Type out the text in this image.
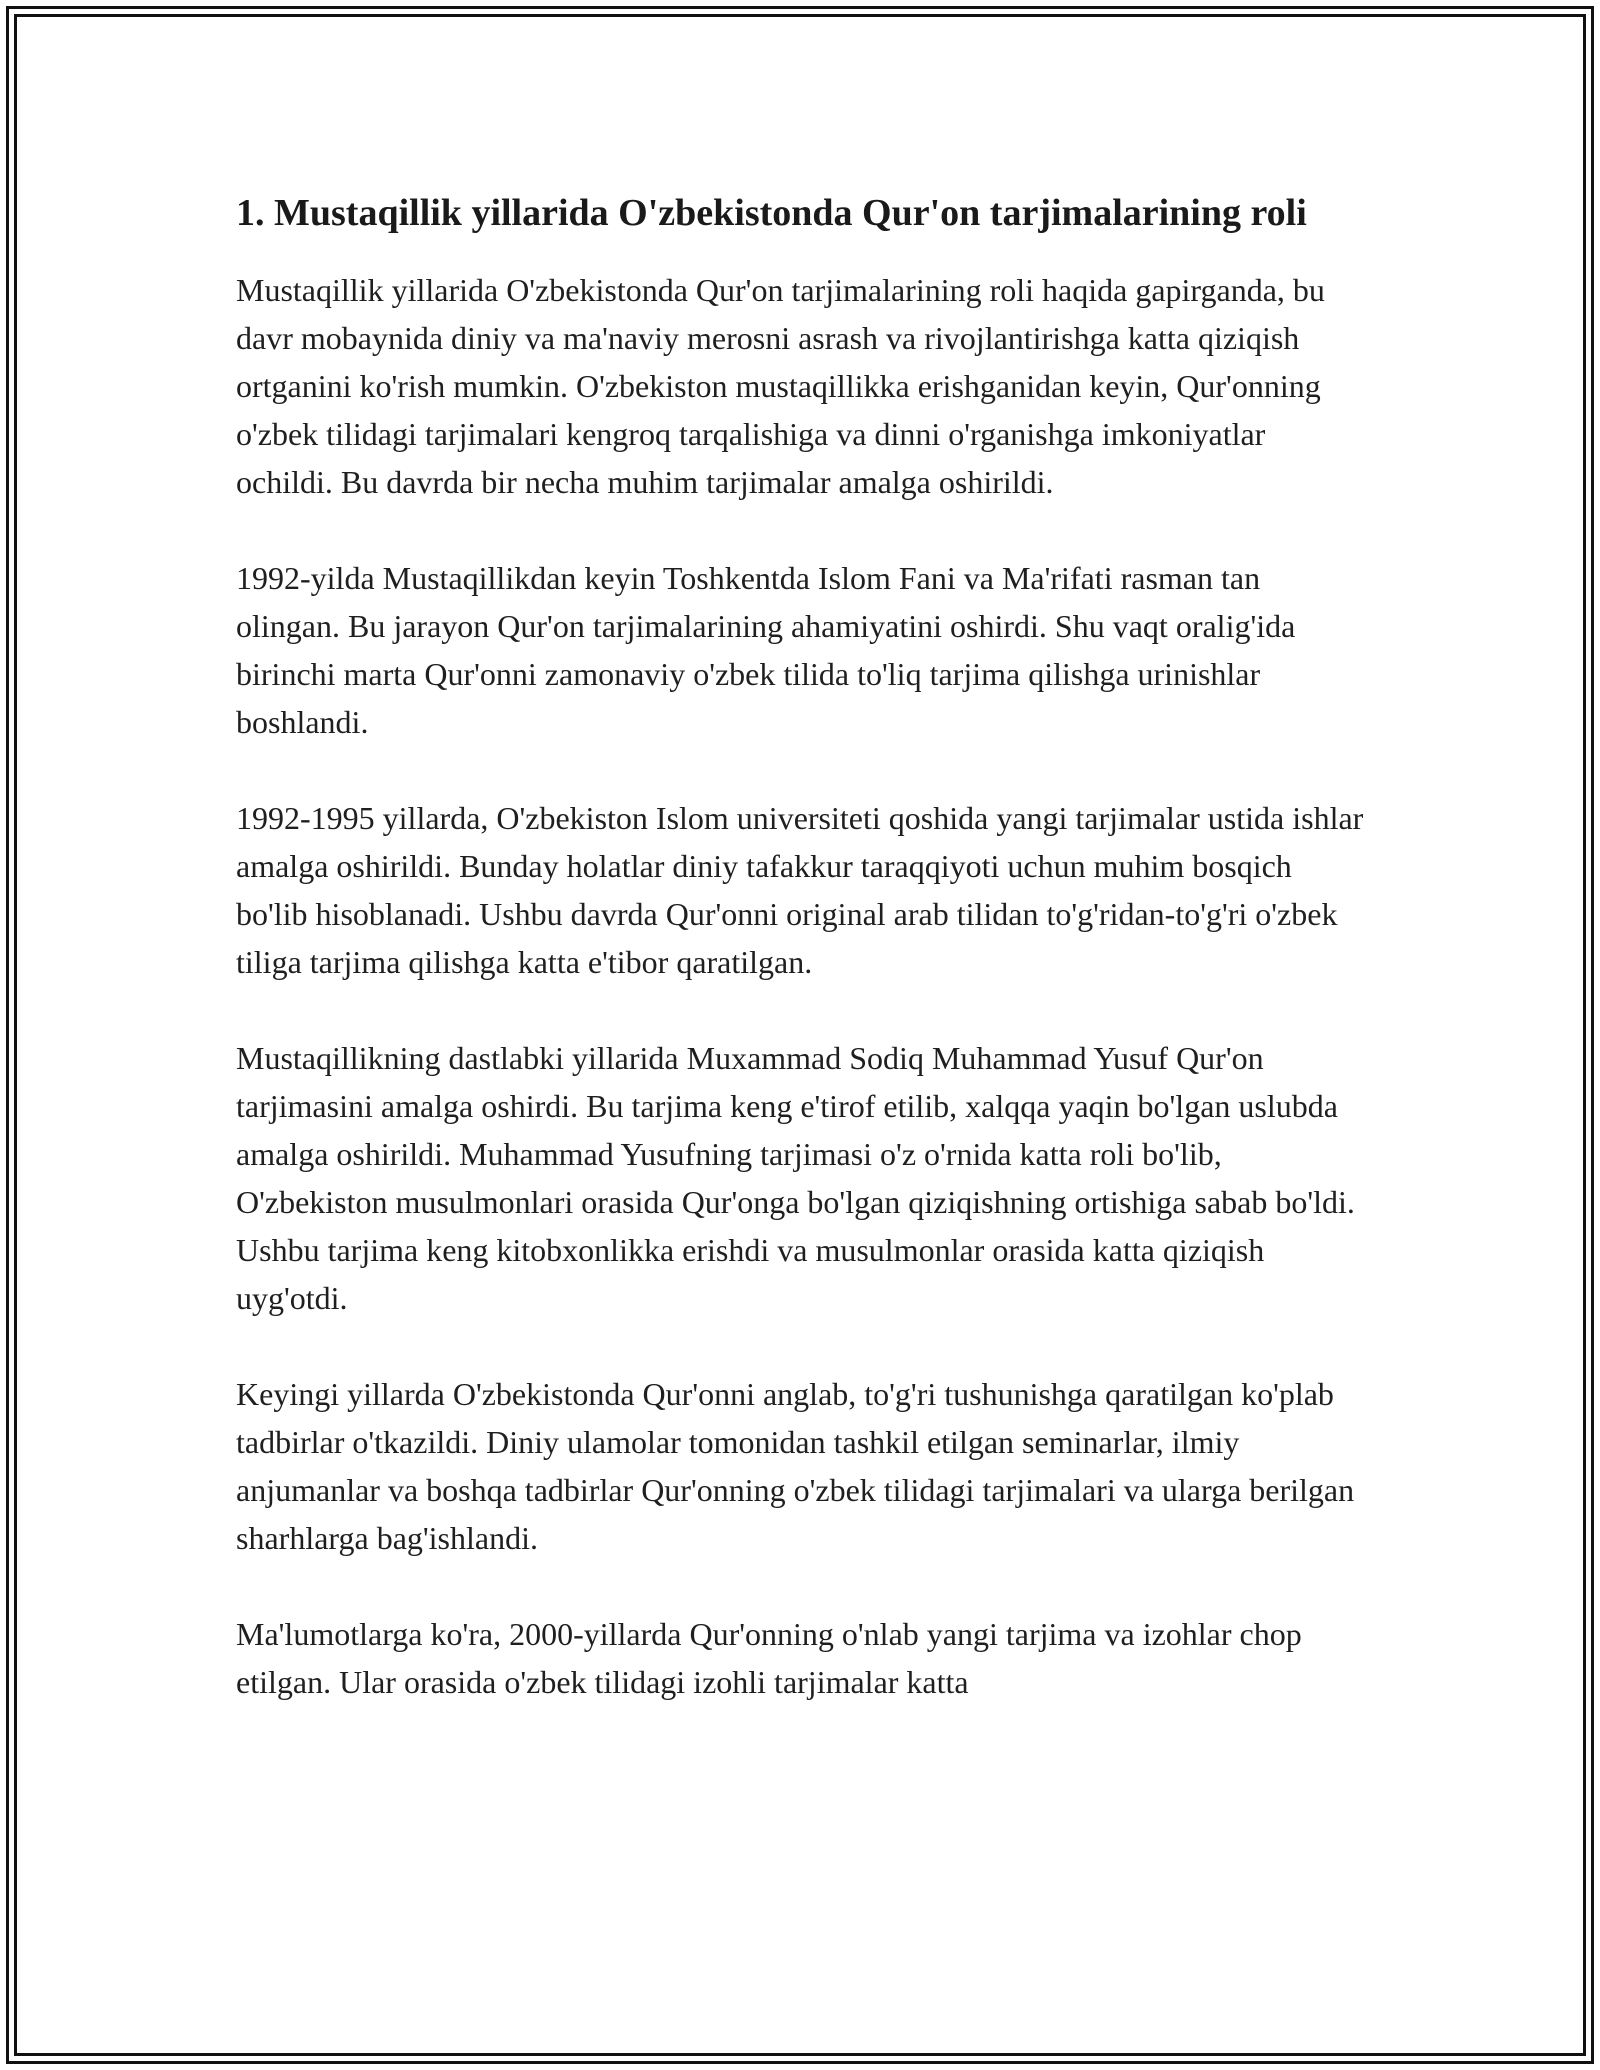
1. Mustaqillik yillarida O'zbekistonda Qur'on tarjimalarining roli

Mustaqillik yillarida O'zbekistonda Qur'on tarjimalarining roli haqida gapirganda, bu davr mobaynida diniy va ma'naviy merosni asrash va rivojlantirishga katta qiziqish ortganini ko'rish mumkin. O'zbekiston mustaqillikka erishganidan keyin, Qur'onning o'zbek tilidagi tarjimalari kengroq tarqalishiga va dinni o'rganishga imkoniyatlar ochildi. Bu davrda bir necha muhim tarjimalar amalga oshirildi.

1992-yilda Mustaqillikdan keyin Toshkentda Islom Fani va Ma'rifati rasman tan olingan. Bu jarayon Qur'on tarjimalarining ahamiyatini oshirdi. Shu vaqt oralig'ida birinchi marta Qur'onni zamonaviy o'zbek tilida to'liq tarjima qilishga urinishlar boshlandi.

1992-1995 yillarda, O'zbekiston Islom universiteti qoshida yangi tarjimalar ustida ishlar amalga oshirildi. Bunday holatlar diniy tafakkur taraqqiyoti uchun muhim bosqich bo'lib hisoblanadi. Ushbu davrda Qur'onni original arab tilidan to'g'ridan-to'g'ri o'zbek tiliga tarjima qilishga katta e'tibor qaratilgan.

Mustaqillikning dastlabki yillarida Muxammad Sodiq Muhammad Yusuf Qur'on tarjimasini amalga oshirdi. Bu tarjima keng e'tirof etilib, xalqqa yaqin bo'lgan uslubda amalga oshirildi. Muhammad Yusufning tarjimasi o'z o'rnida katta roli bo'lib, O'zbekiston musulmonlari orasida Qur'onga bo'lgan qiziqishning ortishiga sabab bo'ldi. Ushbu tarjima keng kitobxonlikka erishdi va musulmonlar orasida katta qiziqish uyg'otdi.

Keyingi yillarda O'zbekistonda Qur'onni anglab, to'g'ri tushunishga qaratilgan ko'plab tadbirlar o'tkazildi. Diniy ulamolar tomonidan tashkil etilgan seminarlar, ilmiy anjumanlar va boshqa tadbirlar Qur'onning o'zbek tilidagi tarjimalari va ularga berilgan sharhlarga bag'ishlandi.

Ma'lumotlarga ko'ra, 2000-yillarda Qur'onning o'nlab yangi tarjima va izohlar chop etilgan. Ular orasida o'zbek tilidagi izohli tarjimalar katta
